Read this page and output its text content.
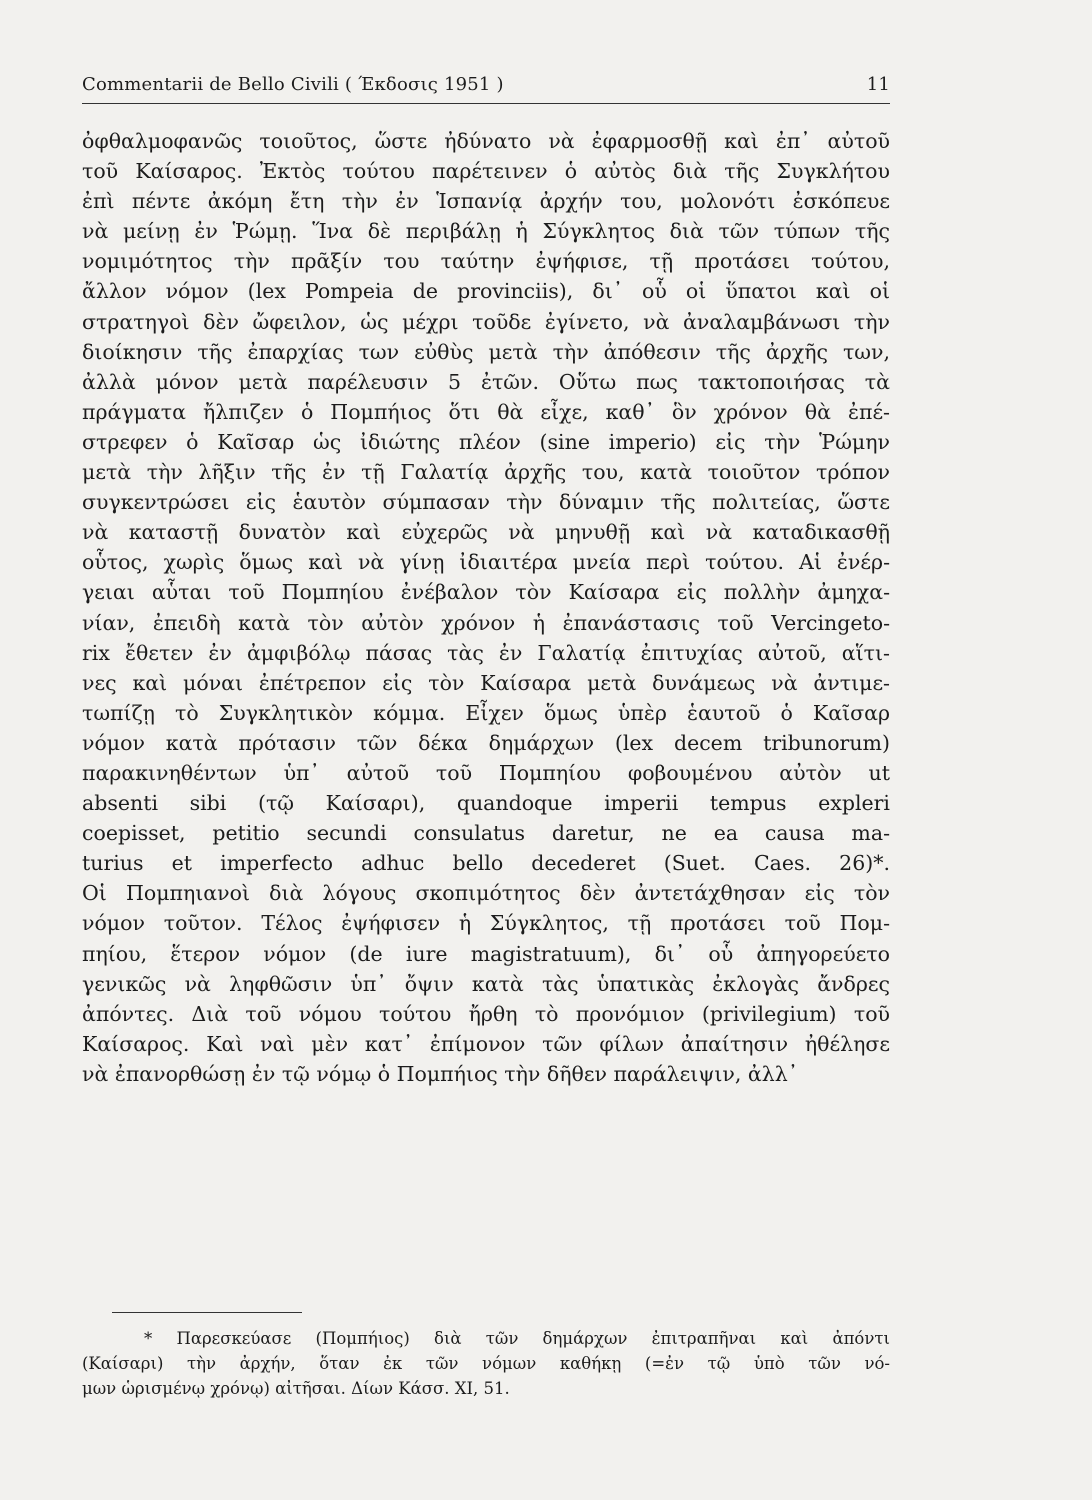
Commentarii de Bello Civili ( Έκδοσις 1951 )	11
ὀφθαλμοφανῶς τοιοῦτος, ὥστε ἠδύνατο νὰ ἐφαρμοσθῇ καὶ ἐπ᾽ αὐτοῦ
τοῦ Καίσαρος. Ἐκτὸς τούτου παρέτεινεν ὁ αὐτὸς διὰ τῆς Συγκλήτου
ἐπὶ πέντε ἀκόμη ἔτη τὴν ἐν Ἱσπανίᾳ ἀρχήν του, μολονότι ἐσκόπευε
νὰ μείνῃ ἐν Ῥώμῃ. Ἵνα δὲ περιβάλῃ ἡ Σύγκλητος διὰ τῶν τύπων τῆς
νομιμότητος τὴν πρᾶξίν του ταύτην ἐψήφισε, τῇ προτάσει τούτου,
ἄλλον νόμον (lex Pompeia de provinciis), δι᾽ οὗ οἱ ὕπατοι καὶ οἱ
στρατηγοὶ δὲν ὤφειλον, ὡς μέχρι τοῦδε ἐγίνετο, νὰ ἀναλαμβάνωσι τὴν
διοίκησιν τῆς ἐπαρχίας των εὐθὺς μετὰ τὴν ἀπόθεσιν τῆς ἀρχῆς των,
ἀλλὰ μόνον μετὰ παρέλευσιν 5 ἐτῶν. Οὕτω πως τακτοποιήσας τὰ
πράγματα ἤλπιζεν ὁ Πομπήιος ὅτι θὰ εἶχε, καθ᾽ ὃν χρόνον θὰ ἐπέ-
στρεφεν ὁ Καῖσαρ ὡς ἰδιώτης πλέον (sine imperio) εἰς τὴν Ῥώμην
μετὰ τὴν λῆξιν τῆς ἐν τῇ Γαλατίᾳ ἀρχῆς του, κατὰ τοιοῦτον τρόπον
συγκεντρώσει εἰς ἑαυτὸν σύμπασαν τὴν δύναμιν τῆς πολιτείας, ὥστε
νὰ καταστῇ δυνατὸν καὶ εὐχερῶς νὰ μηνυθῇ καὶ νὰ καταδικασθῇ
οὗτος, χωρὶς ὅμως καὶ νὰ γίνῃ ἰδιαιτέρα μνεία περὶ τούτου. Αἱ ἐνέρ-
γειαι αὗται τοῦ Πομπηίου ἐνέβαλον τὸν Καίσαρα εἰς πολλὴν ἀμηχα-
νίαν, ἐπειδὴ κατὰ τὸν αὐτὸν χρόνον ἡ ἐπανάστασις τοῦ Vercingeto-
rix ἔθετεν ἐν ἀμφιβόλῳ πάσας τὰς ἐν Γαλατίᾳ ἐπιτυχίας αὐτοῦ, αἵτι-
νες καὶ μόναι ἐπέτρεπον εἰς τὸν Καίσαρα μετὰ δυνάμεως νὰ ἀντιμε-
τωπίζῃ τὸ Συγκλητικὸν κόμμα. Εἶχεν ὅμως ὑπὲρ ἑαυτοῦ ὁ Καῖσαρ
νόμον κατὰ πρότασιν τῶν δέκα δημάρχων (lex decem tribunorum)
παρακινηθέντων ὑπ᾽ αὐτοῦ τοῦ Πομπηίου φοβουμένου αὐτὸν ut
absenti sibi (τῷ Καίσαρι), quandoque imperii tempus expleri
coepisset, petitio secundi consulatus daretur, ne ea causa ma-
turius et imperfecto adhuc bello decederet (Suet. Caes. 26)*.
Οἱ Πομπηιανοὶ διὰ λόγους σκοπιμότητος δὲν ἀντετάχθησαν εἰς τὸν
νόμον τοῦτον. Τέλος ἐψήφισεν ἡ Σύγκλητος, τῇ προτάσει τοῦ Πομ-
πηίου, ἕτερον νόμον (de iure magistratuum), δι᾽ οὗ ἀπηγορεύετο
γενικῶς νὰ ληφθῶσιν ὑπ᾽ ὄψιν κατὰ τὰς ὑπατικὰς ἐκλογὰς ἄνδρες
ἀπόντες. Διὰ τοῦ νόμου τούτου ἤρθη τὸ προνόμιον (privilegium) τοῦ
Καίσαρος. Καὶ ναὶ μὲν κατ᾽ ἐπίμονον τῶν φίλων ἀπαίτησιν ἠθέλησε
νὰ ἐπανορθώσῃ ἐν τῷ νόμῳ ὁ Πομπήιος τὴν δῆθεν παράλειψιν, ἀλλ᾽
* Παρεσκεύασε (Πομπήιος) διὰ τῶν δημάρχων ἐπιτραπῆναι καὶ ἀπόντι
(Καίσαρι) τὴν ἀρχήν, ὅταν ἐκ τῶν νόμων καθήκῃ (=ἐν τῷ ὑπὸ τῶν νό-
μων ὡρισμένῳ χρόνῳ) αἰτῆσαι. Δίων Κάσσ. XI, 51.
